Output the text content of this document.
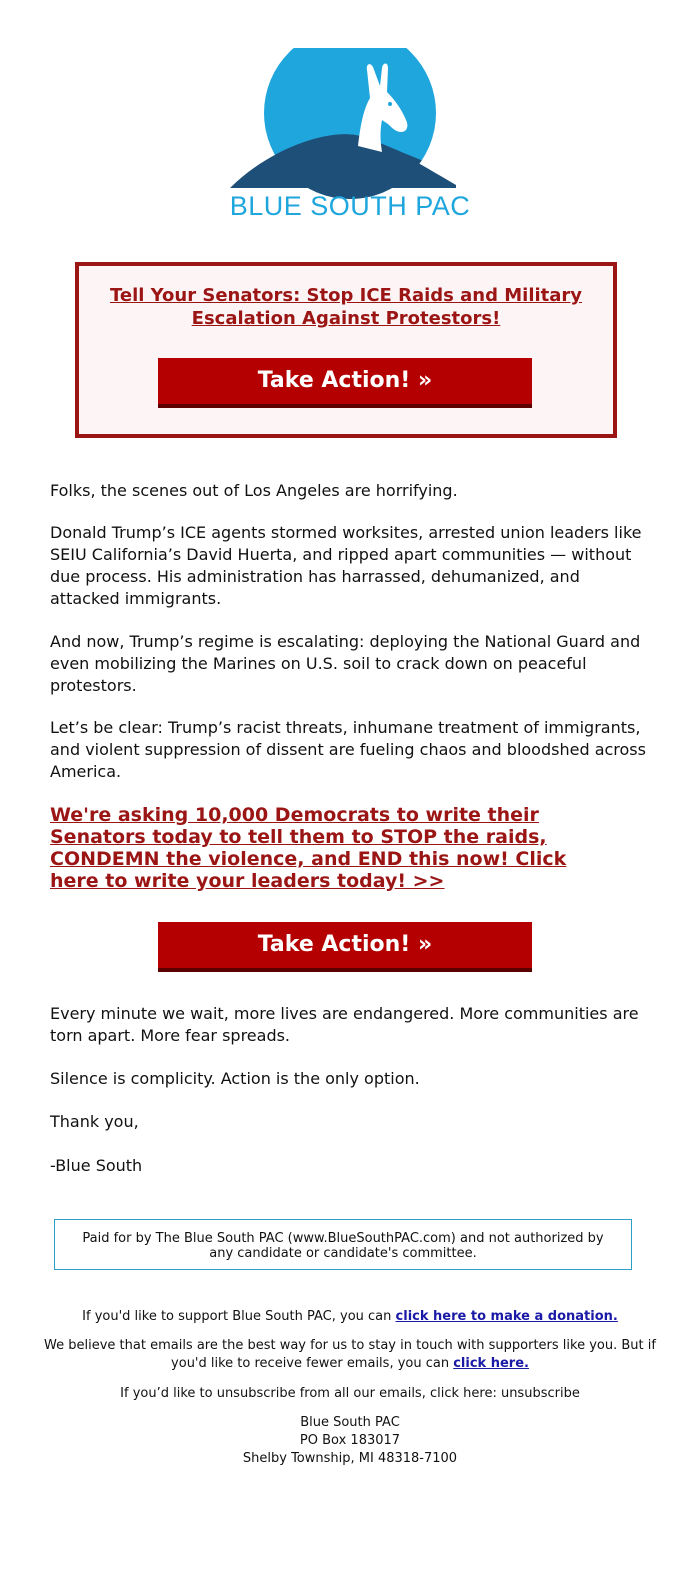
BLUE SOUTH PAC
Tell Your Senators: Stop ICE Raids and Military Escalation Against Protestors!
Take Action! »

Folks, the scenes out of Los Angeles are horrifying.

Donald Trump’s ICE agents stormed worksites, arrested union leaders like SEIU California’s David Huerta, and ripped apart communities — without due process. His administration has harrassed, dehumanized, and attacked immigrants.

And now, Trump’s regime is escalating: deploying the National Guard and even mobilizing the Marines on U.S. soil to crack down on peaceful protestors.

Let’s be clear: Trump’s racist threats, inhumane treatment of immigrants, and violent suppression of dissent are fueling chaos and bloodshed across America.

We're asking 10,000 Democrats to write their Senators today to tell them to STOP the raids, CONDEMN the violence, and END this now! Click here to write your leaders today! >>
Take Action! »

Every minute we wait, more lives are endangered. More communities are torn apart. More fear spreads.

Silence is complicity. Action is the only option.

Thank you,

-Blue South

Paid for by The Blue South PAC (www.BlueSouthPAC.com) and not authorized by any candidate or candidate's committee.

If you'd like to support Blue South PAC, you can click here to make a donation.

We believe that emails are the best way for us to stay in touch with supporters like you. But if you'd like to receive fewer emails, you can click here.

If you’d like to unsubscribe from all our emails, click here: unsubscribe

Blue South PAC
PO Box 183017
Shelby Township, MI 48318-7100
